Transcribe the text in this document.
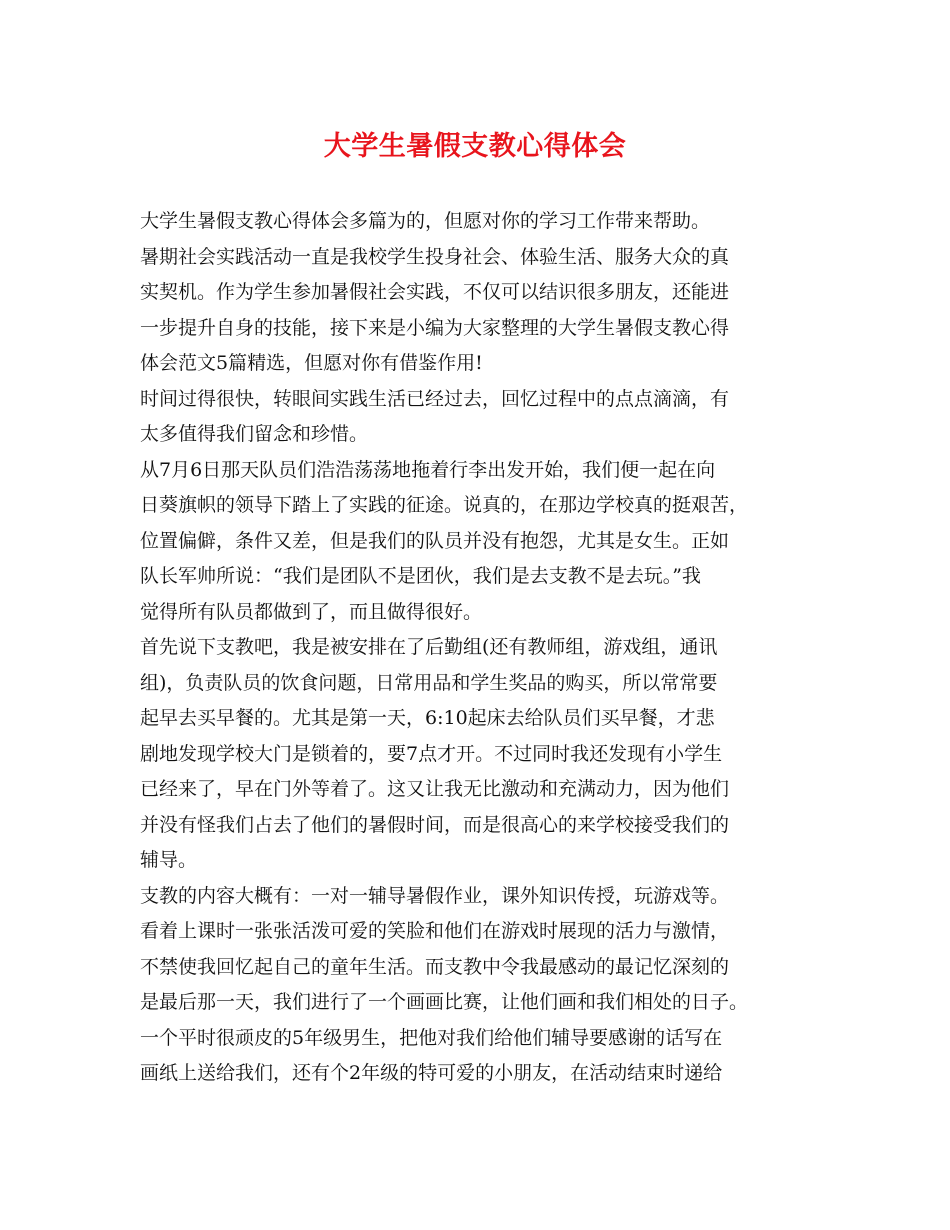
大学生暑假支教心得体会
大学生暑假支教心得体会多篇为的，但愿对你的学习工作带来帮助。
暑期社会实践活动一直是我校学生投身社会、体验生活、服务大众的真
实契机。作为学生参加暑假社会实践，不仅可以结识很多朋友，还能进
一步提升自身的技能，接下来是小编为大家整理的大学生暑假支教心得
体会范文5篇精选，但愿对你有借鉴作用!
时间过得很快，转眼间实践生活已经过去，回忆过程中的点点滴滴，有
太多值得我们留念和珍惜。
从7月6日那天队员们浩浩荡荡地拖着行李出发开始，我们便一起在向
日葵旗帜的领导下踏上了实践的征途。说真的，在那边学校真的挺艰苦，
位置偏僻，条件又差，但是我们的队员并没有抱怨，尤其是女生。正如
队长军帅所说：“我们是团队不是团伙，我们是去支教不是去玩。”我
觉得所有队员都做到了，而且做得很好。
首先说下支教吧，我是被安排在了后勤组(还有教师组，游戏组，通讯
组)，负责队员的饮食问题，日常用品和学生奖品的购买，所以常常要
起早去买早餐的。尤其是第一天，6:10起床去给队员们买早餐，才悲
剧地发现学校大门是锁着的，要7点才开。不过同时我还发现有小学生
已经来了，早在门外等着了。这又让我无比激动和充满动力，因为他们
并没有怪我们占去了他们的暑假时间，而是很高心的来学校接受我们的
辅导。
支教的内容大概有：一对一辅导暑假作业，课外知识传授，玩游戏等。
看着上课时一张张活泼可爱的笑脸和他们在游戏时展现的活力与激情，
不禁使我回忆起自己的童年生活。而支教中令我最感动的最记忆深刻的
是最后那一天，我们进行了一个画画比赛，让他们画和我们相处的日子。
一个平时很顽皮的5年级男生，把他对我们给他们辅导要感谢的话写在
画纸上送给我们，还有个2年级的特可爱的小朋友，在活动结束时递给
